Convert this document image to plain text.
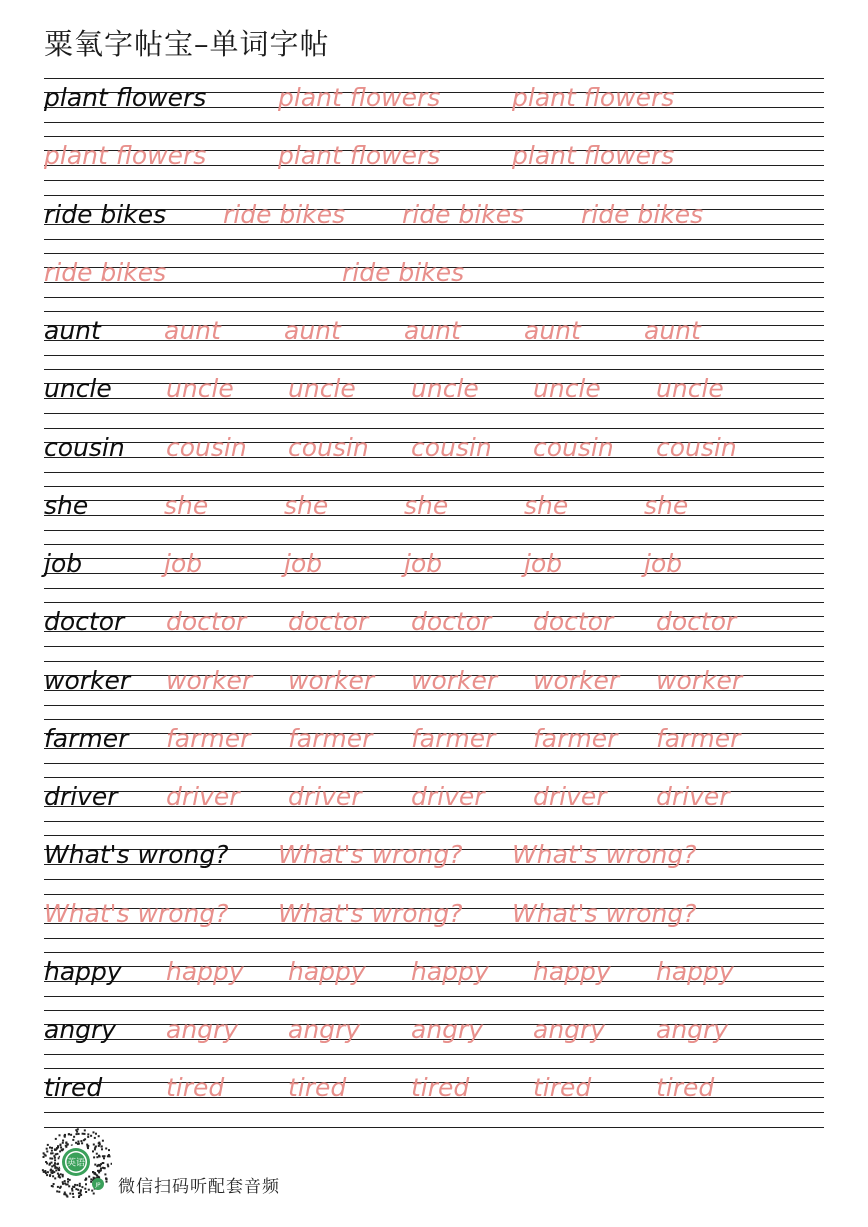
粟氧字帖宝–单词字帖
plant flowers	plant flowers	plant flowers
plant flowers	plant flowers	plant flowers
ride bikes ride bikes ride bikes ride bikes
ride bikes	ride bikes
aunt	aunt	aunt	aunt	aunt	aunt
uncle uncle uncle uncle uncle uncle
cousin cousin cousin cousin cousin cousin
she	she	she	she	she	she
job	job	job	job	job	job
doctor doctor doctor doctor doctor doctor
worker worker worker worker worker worker
farmer farmer farmer farmer farmer farmer
driver driver driver driver driver driver
What's wrong? What's wrong? What's wrong?
What's wrong? What's wrong? What's wrong?
happy happy happy happy happy happy
angry angry angry angry angry angry
tired	tired	tired	tired	tired	tired
英语
JP 微信扫码听配套音频
